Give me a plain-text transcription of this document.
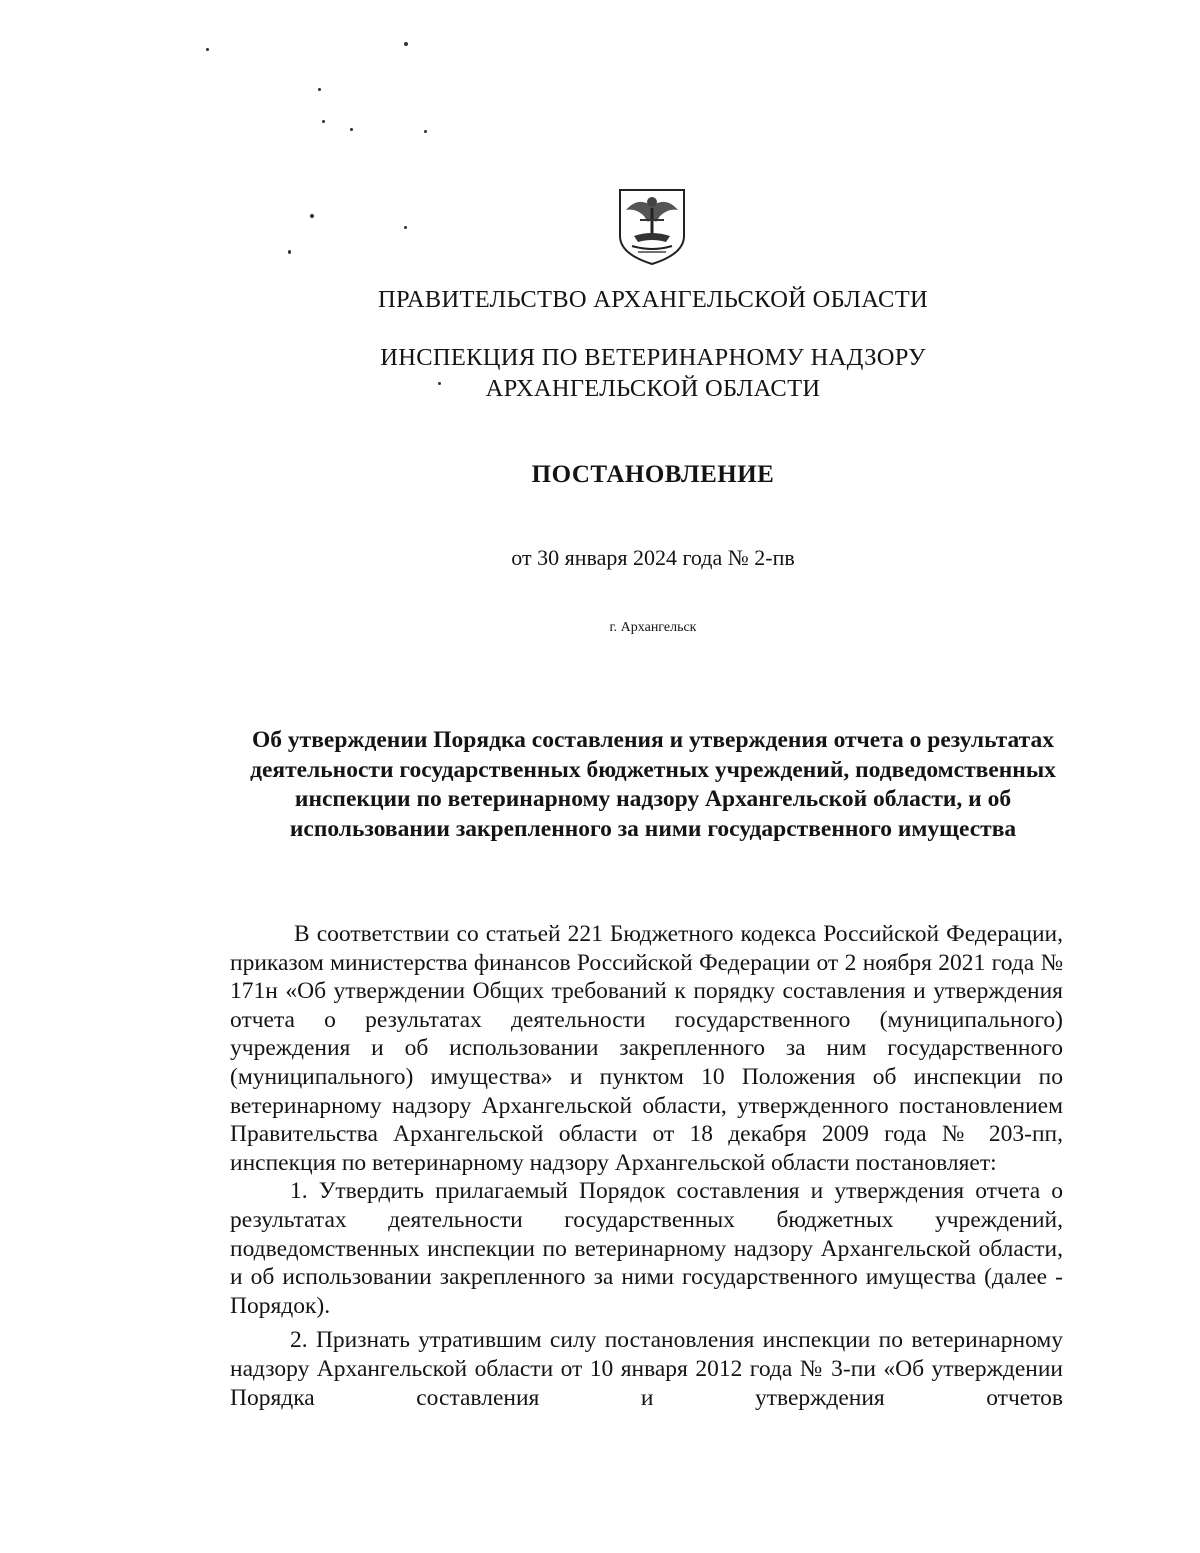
ПРАВИТЕЛЬСТВО АРХАНГЕЛЬСКОЙ ОБЛАСТИ
ИНСПЕКЦИЯ ПО ВЕТЕРИНАРНОМУ НАДЗОРУ
АРХАНГЕЛЬСКОЙ ОБЛАСТИ
ПОСТАНОВЛЕНИЕ
от 30 января 2024 года № 2-пв
г. Архангельск
Об утверждении Порядка составления и утверждения отчета о результатах деятельности государственных бюджетных учреждений, подведомственных инспекции по ветеринарному надзору Архангельской области, и об использовании закрепленного за ними государственного имущества

В соответствии со статьей 221 Бюджетного кодекса Российской Федерации, приказом министерства финансов Российской Федерации от 2 ноября 2021 года № 171н «Об утверждении Общих требований к порядку составления и утверждения отчета о результатах деятельности государственного (муниципального) учреждения и об использовании закрепленного за ним государственного (муниципального) имущества» и пунктом 10 Положения об инспекции по ветеринарному надзору Архангельской области, утвержденного постановлением Правительства Архангельской области от 18 декабря 2009 года № 203-пп, инспекция по ветеринарному надзору Архангельской области постановляет:

1. Утвердить прилагаемый Порядок составления и утверждения отчета о результатах деятельности государственных бюджетных учреждений, подведомственных инспекции по ветеринарному надзору Архангельской области, и об использовании закрепленного за ними государственного имущества (далее - Порядок).

2. Признать утратившим силу постановления инспекции по ветеринарному надзору Архангельской области от 10 января 2012 года № 3-пи «Об утверждении Порядка составления и утверждения отчетов
